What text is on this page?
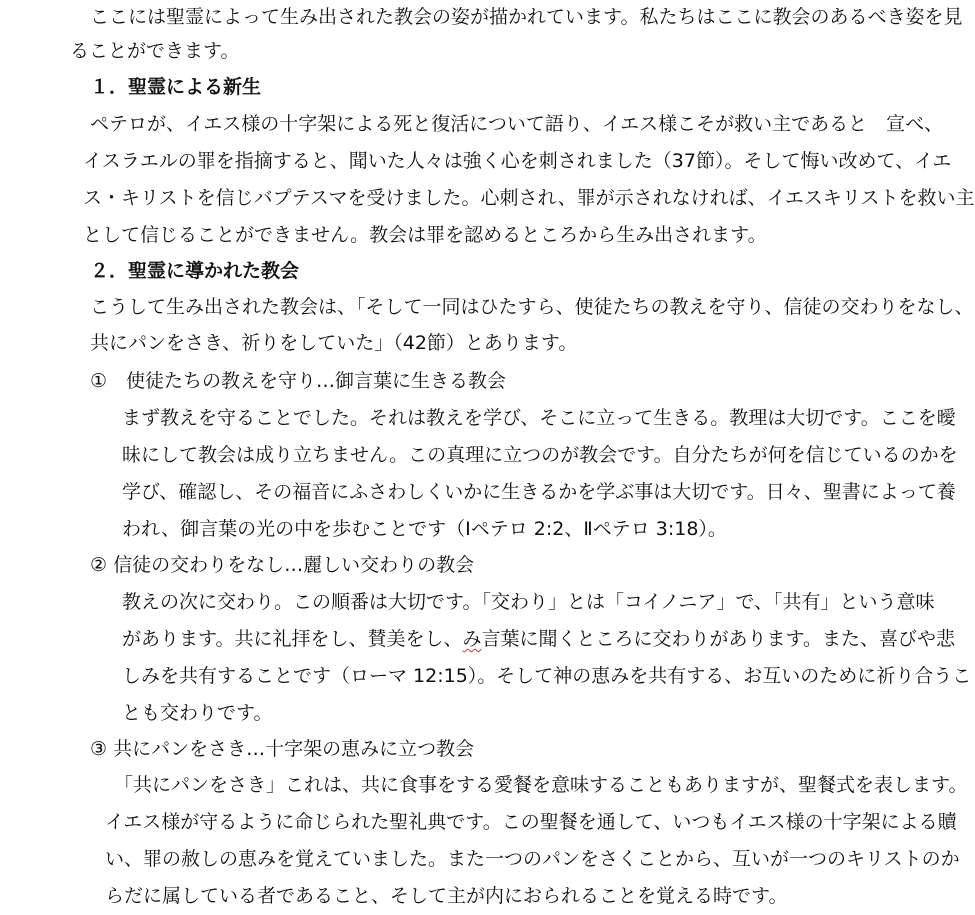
ここには聖霊によって生み出された教会の姿が描かれています。私たちはここに教会のあるべき姿を見
ることができます。
１．聖霊による新生
ペテロが、イエス様の十字架による死と復活について語り、イエス様こそが救い主であると　宣べ、
イスラエルの罪を指摘すると、聞いた人々は強く心を刺されました（37節）。そして悔い改めて、イエ
ス・キリストを信じバプテスマを受けました。心刺され、罪が示されなければ、イエスキリストを救い主
として信じることができません。教会は罪を認めるところから生み出されます。
２．聖霊に導かれた教会
こうして生み出された教会は、「そして一同はひたすら、使徒たちの教えを守り、信徒の交わりをなし、
共にパンをさき、祈りをしていた」（42節）とあります。
①　使徒たちの教えを守り…御言葉に生きる教会
まず教えを守ることでした。それは教えを学び、そこに立って生きる。教理は大切です。ここを曖
昧にして教会は成り立ちません。この真理に立つのが教会です。自分たちが何を信じているのかを
学び、確認し、その福音にふさわしくいかに生きるかを学ぶ事は大切です。日々、聖書によって養
われ、御言葉の光の中を歩むことです（Ⅰペテロ 2:2、Ⅱペテロ 3:18）。
② 信徒の交わりをなし…麗しい交わりの教会
教えの次に交わり。この順番は大切です。「交わり」とは「コイノニア」で、「共有」という意味
があります。共に礼拝をし、賛美をし、み言葉に聞くところに交わりがあります。また、喜びや悲
しみを共有することです（ローマ 12:15）。そして神の恵みを共有する、お互いのために祈り合うこ
とも交わりです。
③ 共にパンをさき…十字架の恵みに立つ教会
「共にパンをさき」これは、共に食事をする愛餐を意味することもありますが、聖餐式を表します。
イエス様が守るように命じられた聖礼典です。この聖餐を通して、いつもイエス様の十字架による贖
い、罪の赦しの恵みを覚えていました。また一つのパンをさくことから、互いが一つのキリストのか
らだに属している者であること、そして主が内におられることを覚える時です。
